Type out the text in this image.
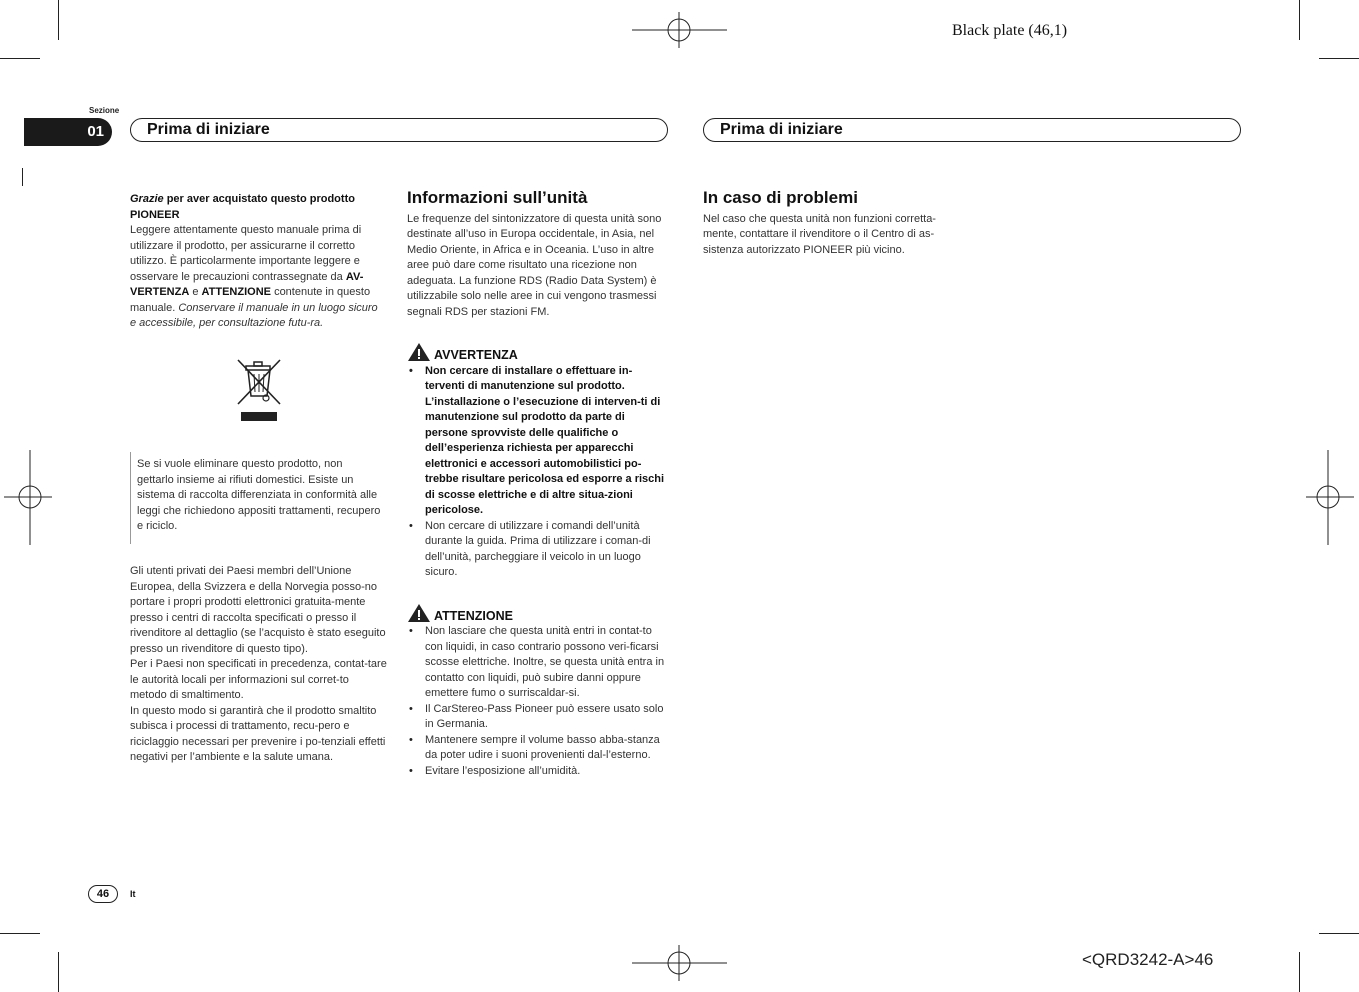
Black plate (46,1)
<QRD3242-A>46
Sezione
01	Prima di iniziare	Prima di iniziare

Grazie per aver acquistato questo prodotto PIONEER

Leggere attentamente questo manuale prima di utilizzare il prodotto, per assicurarne il corretto utilizzo. È particolarmente importante leggere e osservare le precauzioni contrassegnate da AV-VERTENZA e ATTENZIONE contenute in questo manuale. Conservare il manuale in un luogo sicuro e accessibile, per consultazione futu-ra.

Se si vuole eliminare questo prodotto, non gettarlo insieme ai rifiuti domestici. Esiste un sistema di raccolta differenziata in conformità alle leggi che richiedono appositi trattamenti, recupero e riciclo.

Gli utenti privati dei Paesi membri dell’Unione Europea, della Svizzera e della Norvegia posso-no portare i propri prodotti elettronici gratuita-mente presso i centri di raccolta specificati o presso il rivenditore al dettaglio (se l’acquisto è stato eseguito presso un rivenditore di questo tipo).

Per i Paesi non specificati in precedenza, contat-tare le autorità locali per informazioni sul corret-to metodo di smaltimento.

In questo modo si garantirà che il prodotto smaltito subisca i processi di trattamento, recu-pero e riciclaggio necessari per prevenire i po-tenziali effetti negativi per l’ambiente e la salute umana.

Informazioni sull’unità

Le frequenze del sintonizzatore di questa unità sono destinate all’uso in Europa occidentale, in Asia, nel Medio Oriente, in Africa e in Oceania. L’uso in altre aree può dare come risultato una ricezione non adeguata. La funzione RDS (Radio Data System) è utilizzabile solo nelle aree in cui vengono trasmessi segnali RDS per stazioni FM.

AVVERTENZA
• Non cercare di installare o effettuare in-terventi di manutenzione sul prodotto. L’installazione o l’esecuzione di interven-ti di manutenzione sul prodotto da parte di persone sprovviste delle qualifiche o dell’esperienza richiesta per apparecchi elettronici e accessori automobilistici po-trebbe risultare pericolosa ed esporre a rischi di scosse elettriche e di altre situa-zioni pericolose.
• Non cercare di utilizzare i comandi dell’unità durante la guida. Prima di utilizzare i coman-di dell’unità, parcheggiare il veicolo in un luogo sicuro.
ATTENZIONE
• Non lasciare che questa unità entri in contat-to con liquidi, in caso contrario possono veri-ficarsi scosse elettriche. Inoltre, se questa unità entra in contatto con liquidi, può subire danni oppure emettere fumo o surriscaldar-si.
• Il CarStereo-Pass Pioneer può essere usato solo in Germania.
• Mantenere sempre il volume basso abba-stanza da poter udire i suoni provenienti dal-l’esterno.
• Evitare l’esposizione all’umidità.
In caso di problemi

Nel caso che questa unità non funzioni corretta-mente, contattare il rivenditore o il Centro di as-sistenza autorizzato PIONEER più vicino.

46	It
